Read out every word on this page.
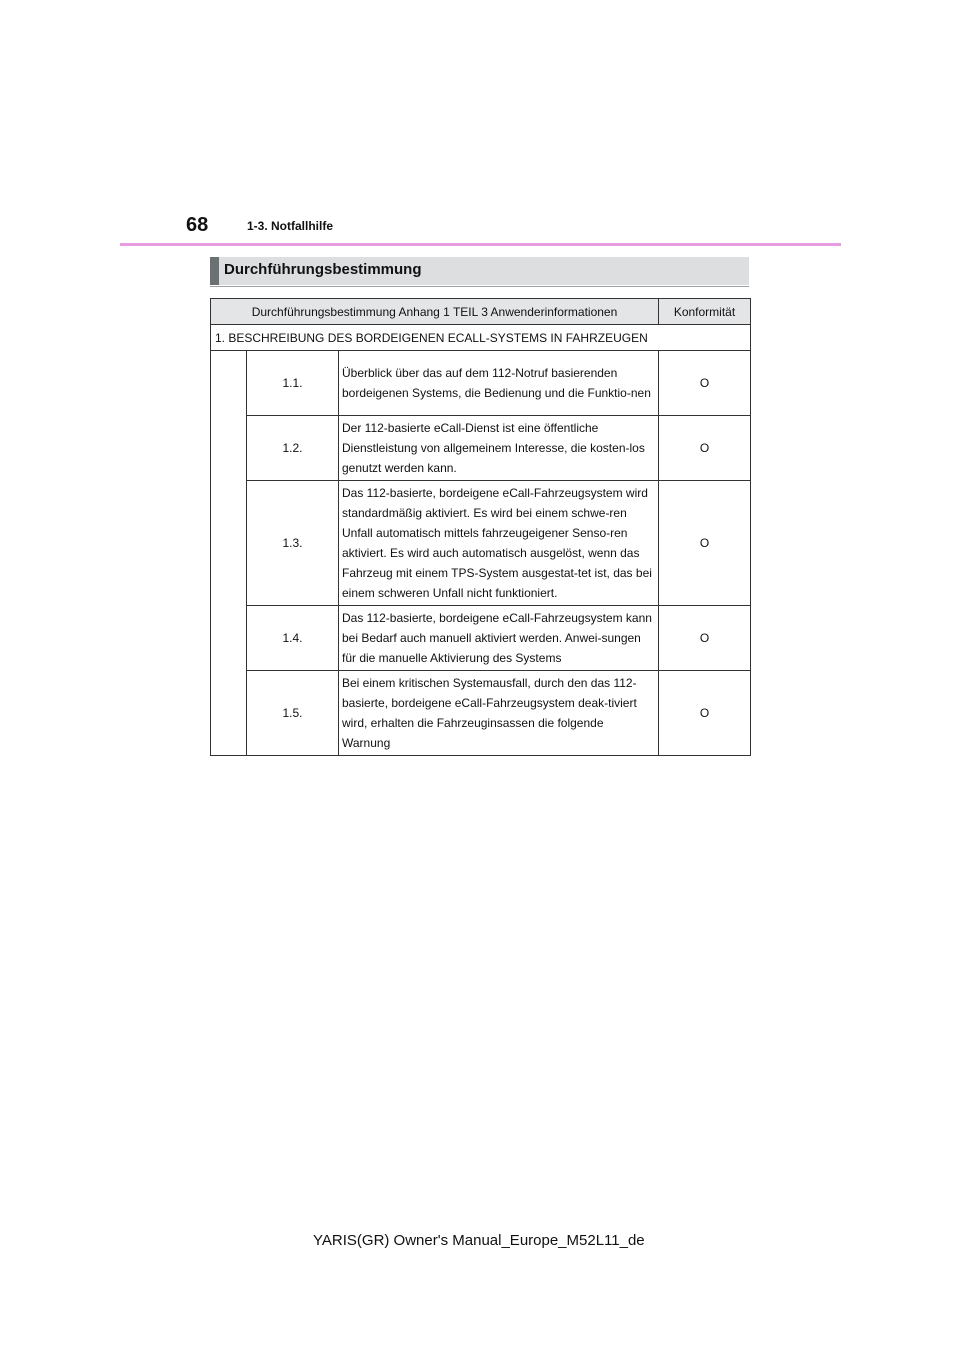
68	1-3. Notfallhilfe
Durchführungsbestimmung
Durchführungsbestimmung Anhang 1 TEIL 3 Anwenderinformationen			Konformität
1. BESCHREIBUNG DES BORDEIGENEN ECALL-SYSTEMS IN FAHRZEUGEN			
	1.1.	Überblick über das auf dem 112-Notruf basierenden bordeigenen Systems, die Bedienung und die Funktio-nen	O
	1.2.	Der 112-basierte eCall-Dienst ist eine öffentliche Dienstleistung von allgemeinem Interesse, die kosten-los genutzt werden kann.	O
	1.3.	Das 112-basierte, bordeigene eCall-Fahrzeugsystem wird standardmäßig aktiviert. Es wird bei einem schwe-ren Unfall automatisch mittels fahrzeugeigener Senso-ren aktiviert. Es wird auch automatisch ausgelöst, wenn das Fahrzeug mit einem TPS-System ausgestat-tet ist, das bei einem schweren Unfall nicht funktioniert.	O
	1.4.	Das 112-basierte, bordeigene eCall-Fahrzeugsystem kann bei Bedarf auch manuell aktiviert werden. Anwei-sungen für die manuelle Aktivierung des Systems	O
	1.5.	Bei einem kritischen Systemausfall, durch den das 112-basierte, bordeigene eCall-Fahrzeugsystem deak-tiviert wird, erhalten die Fahrzeuginsassen die folgende Warnung	O
YARIS(GR) Owner's Manual_Europe_M52L11_de
